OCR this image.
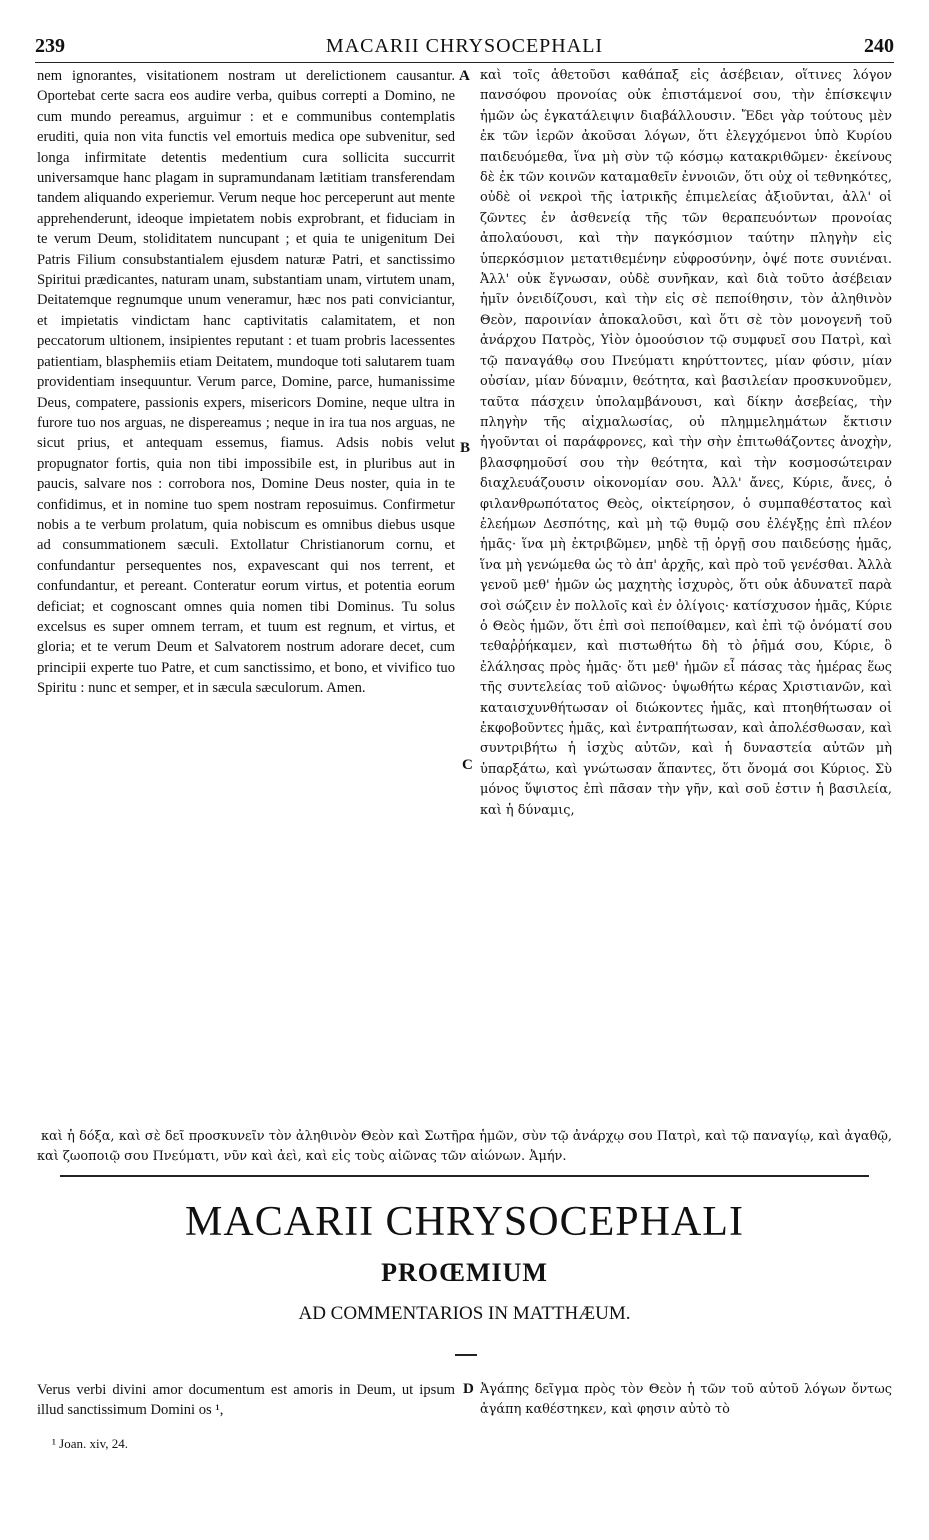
239	MACARII CHRYSOCEPHALI	240

nem ignorantes, visitationem nostram ut derelictionem causantur. Oportebat certe sacra eos audire verba, quibus correpti a Domino, ne cum mundo pereamus, arguimur : et e communibus contemplatis eruditi, quia non vita functis vel emortuis medica ope subvenitur, sed longa infirmitate detentis medentium cura sollicita succurrit universamque hanc plagam in supramundanam lætitiam transferendam tandem aliquando experiemur. Verum neque hoc perceperunt aut mente apprehenderunt, ideoque impietatem nobis exprobrant, et fiduciam in te verum Deum, stoliditatem nuncupant ; et quia te unigenitum Dei Patris Filium consubstantialem ejusdem naturæ Patri, et sanctissimo Spiritui prædicantes, naturam unam, substantiam unam, virtutem unam, Deitatemque regnumque unum veneramur, hæc nos pati conviciantur, et impietatis vindictam hanc captivitatis calamitatem, et non peccatorum ultionem, insipientes reputant : et tuam probris lacessentes patientiam, blasphemiis etiam Deitatem, mundoque toti salutarem tuam providentiam insequuntur. Verum parce, Domine, parce, humanissime Deus, compatere, passionis expers, misericors Domine, neque ultra in furore tuo nos arguas, ne dispereamus ; neque in ira tua nos arguas, ne sicut prius, et antequam essemus, fiamus. Adsis nobis velut propugnator fortis, quia non tibi impossibile est, in pluribus aut in paucis, salvare nos : corrobora nos, Domine Deus noster, quia in te confidimus, et in nomine tuo spem nostram reposuimus. Confirmetur nobis a te verbum prolatum, quia nobiscum es omnibus diebus usque ad consummationem sæculi. Extollatur Christianorum cornu, et confundantur persequentes nos, expavescant qui nos terrent, et confundantur, et pereant. Conteratur eorum virtus, et potentia eorum deficiat; et cognoscant omnes quia nomen tibi Dominus. Tu solus excelsus es super omnem terram, et tuum est regnum, et virtus, et gloria; et te verum Deum et Salvatorem nostrum adorare decet, cum principii experte tuo Patre, et cum sanctissimo, et bono, et vivifico tuo Spiritu : nunc et semper, et in sæcula sæculorum. Amen.

A
B
C
D

καὶ τοῖς ἀθετοῦσι καθάπαξ εἰς ἀσέβειαν, οἵτινες λόγον πανσόφου προνοίας οὐκ ἐπιστάμενοί σου, τὴν ἐπίσκεψιν ἡμῶν ὡς ἐγκατάλειψιν διαβάλλουσιν. Ἔδει γὰρ τούτους μὲν ἐκ τῶν ἱερῶν ἀκοῦσαι λόγων, ὅτι ἐλεγχόμενοι ὑπὸ Κυρίου παιδευόμεθα, ἵνα μὴ σὺν τῷ κόσμῳ κατακριθῶμεν· ἐκείνους δὲ ἐκ τῶν κοινῶν καταμαθεῖν ἐννοιῶν, ὅτι οὐχ οἱ τεθνηκότες, οὐδὲ οἱ νεκροὶ τῆς ἰατρικῆς ἐπιμελείας ἀξιοῦνται, ἀλλ' οἱ ζῶντες ἐν ἀσθενείᾳ τῆς τῶν θεραπευόντων προνοίας ἀπολαύουσι, καὶ τὴν παγκόσμιον ταύτην πληγὴν εἰς ὑπερκόσμιον μετατιθεμένην εὐφροσύνην, ὀψέ ποτε συνιέναι. Ἀλλ' οὐκ ἔγνωσαν, οὐδὲ συνῆκαν, καὶ διὰ τοῦτο ἀσέβειαν ἡμῖν ὀνειδίζουσι, καὶ τὴν εἰς σὲ πεποίθησιν, τὸν ἀληθινὸν Θεὸν, παροινίαν ἀποκαλοῦσι, καὶ ὅτι σὲ τὸν μονογενῆ τοῦ ἀνάρχου Πατρὸς, Υἱὸν ὁμοούσιον τῷ συμφυεῖ σου Πατρὶ, καὶ τῷ παναγάθῳ σου Πνεύματι κηρύττοντες, μίαν φύσιν, μίαν οὐσίαν, μίαν δύναμιν, θεότητα, καὶ βασιλείαν προσκυνοῦμεν, ταῦτα πάσχειν ὑπολαμβάνουσι, καὶ δίκην ἀσεβείας, τὴν πληγὴν τῆς αἰχμαλωσίας, οὐ πλημμελημάτων ἔκτισιν ἡγοῦνται οἱ παράφρονες, καὶ τὴν σὴν ἐπιτωθάζοντες ἀνοχὴν, βλασφημοῦσί σου τὴν θεότητα, καὶ τὴν κοσμοσώτειραν διαχλευάζουσιν οἰκονομίαν σου. Ἀλλ' ἄνες, Κύριε, ἄνες, ὁ φιλανθρωπότατος Θεὸς, οἰκτείρησον, ὁ συμπαθέστατος καὶ ἐλεήμων Δεσπότης, καὶ μὴ τῷ θυμῷ σου ἐλέγξῃς ἐπὶ πλέον ἡμᾶς· ἵνα μὴ ἐκτριβῶμεν, μηδὲ τῇ ὀργῇ σου παιδεύσῃς ἡμᾶς, ἵνα μὴ γενώμεθα ὡς τὸ ἀπ' ἀρχῆς, καὶ πρὸ τοῦ γενέσθαι. Ἀλλὰ γενοῦ μεθ' ἡμῶν ὡς μαχητὴς ἰσχυρὸς, ὅτι οὐκ ἀδυνατεῖ παρὰ σοὶ σώζειν ἐν πολλοῖς καὶ ἐν ὀλίγοις· κατίσχυσον ἡμᾶς, Κύριε ὁ Θεὸς ἡμῶν, ὅτι ἐπὶ σοὶ πεποίθαμεν, καὶ ἐπὶ τῷ ὀνόματί σου τεθαῤῥήκαμεν, καὶ πιστωθήτω δὴ τὸ ῥῆμά σου, Κύριε, ὃ ἐλάλησας πρὸς ἡμᾶς· ὅτι μεθ' ἡμῶν εἶ πάσας τὰς ἡμέρας ἕως τῆς συντελείας τοῦ αἰῶνος· ὑψωθήτω κέρας Χριστιανῶν, καὶ καταισχυνθήτωσαν οἱ διώκοντες ἡμᾶς, καὶ πτοηθήτωσαν οἱ ἐκφοβοῦντες ἡμᾶς, καὶ ἐντραπήτωσαν, καὶ ἀπολέσθωσαν, καὶ συντριβήτω ἡ ἰσχὺς αὐτῶν, καὶ ἡ δυναστεία αὐτῶν μὴ ὑπαρξάτω, καὶ γνώτωσαν ἅπαντες, ὅτι ὄνομά σοι Κύριος. Σὺ μόνος ὕψιστος ἐπὶ πᾶσαν τὴν γῆν, καὶ σοῦ ἐστιν ἡ βασιλεία, καὶ ἡ δύναμις,

καὶ ἡ δόξα, καὶ σὲ δεῖ προσκυνεῖν τὸν ἀληθινὸν Θεὸν καὶ Σωτῆρα ἡμῶν, σὺν τῷ ἀνάρχῳ σου Πατρὶ, καὶ τῷ παναγίῳ, καὶ ἀγαθῷ, καὶ ζωοποιῷ σου Πνεύματι, νῦν καὶ ἀεὶ, καὶ εἰς τοὺς αἰῶνας τῶν αἰώνων. Ἀμήν.
MACARII CHRYSOCEPHALI
PROŒMIUM
AD COMMENTARIOS IN MATTHÆUM.

Verus verbi divini amor documentum est amoris in Deum, ut ipsum illud sanctissimum Domini os ¹,

Ἀγάπης δεῖγμα πρὸς τὸν Θεὸν ἡ τῶν τοῦ αὐτοῦ λόγων ὄντως ἀγάπη καθέστηκεν, καὶ φησιν αὐτὸ τὸ

¹ Joan. xiv, 24.
